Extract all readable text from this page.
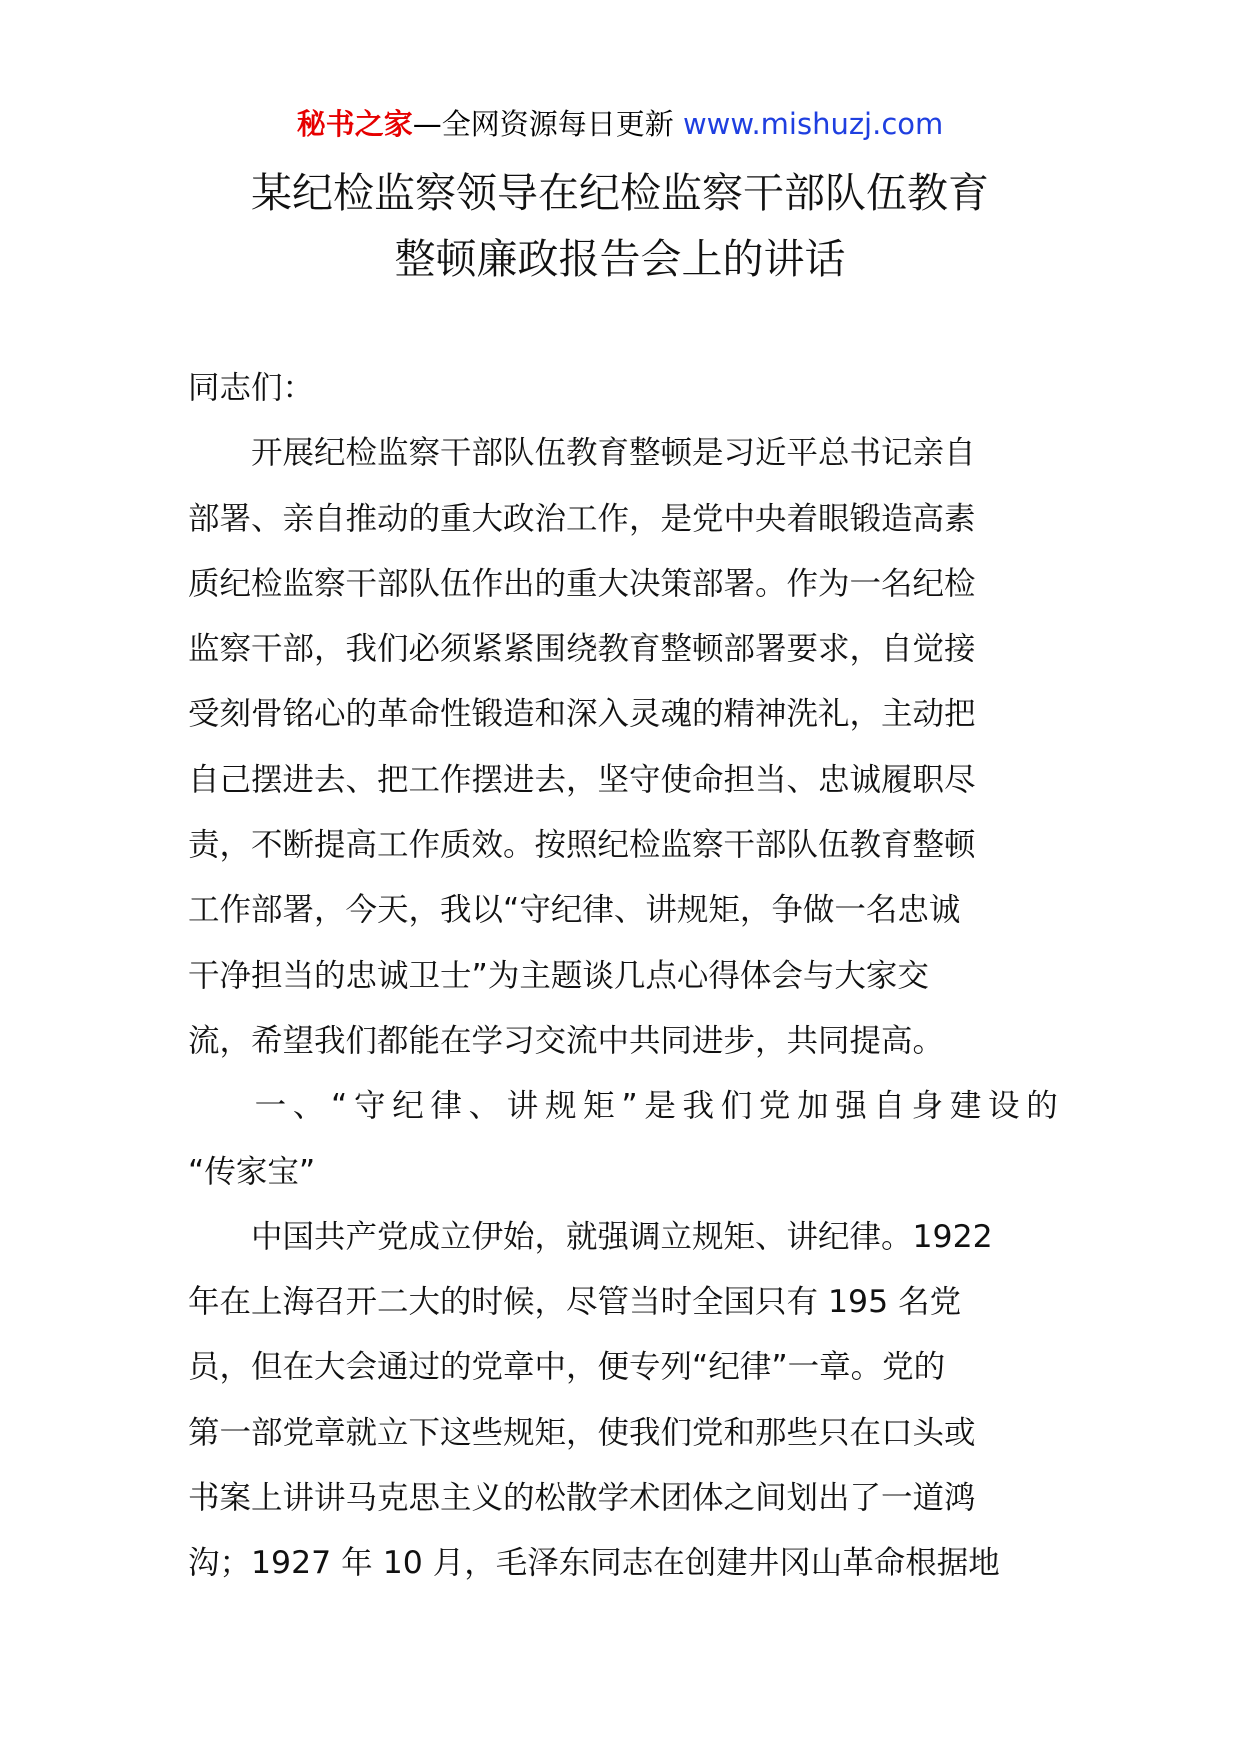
秘书之家—全网资源每日更新 www.mishuzj.com
某纪检监察领导在纪检监察干部队伍教育
整顿廉政报告会上的讲话
同志们：
　　开展纪检监察干部队伍教育整顿是习近平总书记亲自
部署、亲自推动的重大政治工作，是党中央着眼锻造高素
质纪检监察干部队伍作出的重大决策部署。作为一名纪检
监察干部，我们必须紧紧围绕教育整顿部署要求，自觉接
受刻骨铭心的革命性锻造和深入灵魂的精神洗礼，主动把
自己摆进去、把工作摆进去，坚守使命担当、忠诚履职尽
责，不断提高工作质效。按照纪检监察干部队伍教育整顿
工作部署，今天，我以“守纪律、讲规矩，争做一名忠诚
干净担当的忠诚卫士”为主题谈几点心得体会与大家交
流，希望我们都能在学习交流中共同进步，共同提高。
一 、 “ 守 纪 律 、 讲 规 矩 ” 是 我 们 党 加 强 自 身 建 设 的
“传家宝”
　　中国共产党成立伊始，就强调立规矩、讲纪律。1922
年在上海召开二大的时候，尽管当时全国只有 195 名党
员，但在大会通过的党章中，便专列“纪律”一章。党的
第一部党章就立下这些规矩，使我们党和那些只在口头或
书案上讲讲马克思主义的松散学术团体之间划出了一道鸿
沟；1927 年 10 月，毛泽东同志在创建井冈山革命根据地
